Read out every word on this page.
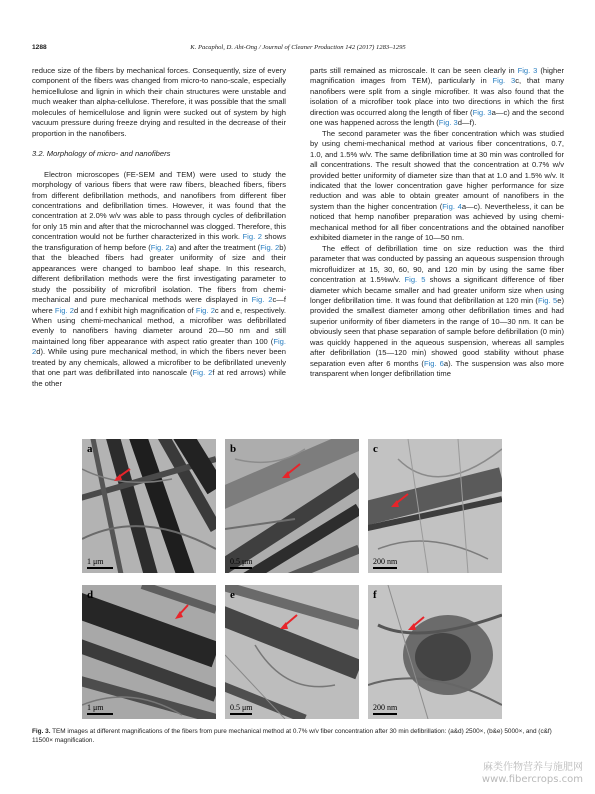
1288	K. Pacaphol, D. Aht-Ong / Journal of Cleaner Production 142 (2017) 1283–1295

reduce size of the fibers by mechanical forces. Consequently, size of every component of the fibers was changed from micro-to nano-scale, especially hemicellulose and lignin in which their chain structures were unstable and much weaker than alpha-cellulose. Therefore, it was possible that the small molecules of hemicellulose and lignin were sucked out of system by high vacuum pressure during freeze drying and resulted in the decrease of their proportion in the nanofibers.

3.2. Morphology of micro- and nanofibers

Electron microscopes (FE-SEM and TEM) were used to study the morphology of various fibers that were raw fibers, bleached fibers, fibers from different defibrillation methods, and nanofibers from different fiber concentrations and defibrillation times. However, it was found that the concentration at 2.0% w/v was able to pass through cycles of defibrillation for only 15 min and after that the microchannel was clogged. Therefore, this concentration would not be further characterized in this work. Fig. 2 shows the transfiguration of hemp before (Fig. 2a) and after the treatment (Fig. 2b) that the bleached fibers had greater uniformity of size and their appearances were changed to bamboo leaf shape. In this research, different defibrillation methods were the first investigating parameter to study the possibility of microfibril isolation. The fibers from chemi-mechanical and pure mechanical methods were displayed in Fig. 2c—f where Fig. 2d and f exhibit high magnification of Fig. 2c and e, respectively. When using chemi-mechanical method, a microfiber was defibrillated evenly to nanofibers having diameter around 20—50 nm and still maintained long fiber appearance with aspect ratio greater than 100 (Fig. 2d). While using pure mechanical method, in which the fibers never been treated by any chemicals, allowed a microfiber to be defibrillated unevenly that one part was defibrillated into nanoscale (Fig. 2f at red arrows) while the other

parts still remained as microscale. It can be seen clearly in Fig. 3 (higher magnification images from TEM), particularly in Fig. 3c, that many nanofibers were split from a single microfiber. It was also found that the isolation of a microfiber took place into two directions in which the first direction was occurred along the length of fiber (Fig. 3a—c) and the second one was happened across the length (Fig. 3d—f).

The second parameter was the fiber concentration which was studied by using chemi-mechanical method at various fiber concentrations, 0.7, 1.0, and 1.5% w/v. The same defibrillation time at 30 min was controlled for all concentrations. The result showed that the concentration at 0.7% w/v provided better uniformity of diameter size than that at 1.0 and 1.5% w/v. It indicated that the lower concentration gave higher performance for size reduction and was able to obtain greater amount of nanofibers in the system than the higher concentration (Fig. 4a—c). Nevertheless, it can be noticed that hemp nanofiber preparation was achieved by using chemi-mechanical method for all fiber concentrations and the obtained nanofiber exhibited diameter in the range of 10—50 nm.

The effect of defibrillation time on size reduction was the third parameter that was conducted by passing an aqueous suspension through microfluidizer at 15, 30, 60, 90, and 120 min by using the same fiber concentration at 1.5%w/v. Fig. 5 shows a significant difference of fiber diameter which became smaller and had greater uniform size when using longer defibrillation time. It was found that defibrillation at 120 min (Fig. 5e) provided the smallest diameter among other defibrillation times and had superior uniformity of fiber diameters in the range of 10—30 nm. It can be obviously seen that phase separation of sample before defibrillation (0 min) was quickly happened in the aqueous suspension, whereas all samples after defibrillation (15—120 min) showed good stability without phase separation even after 6 months (Fig. 6a). The suspension was also more transparent when longer defibrillation time

a
1 μm
b
0.5 μm
c
200 nm
d
1 μm
e
0.5 μm
f
200 nm
Fig. 3. TEM images at different magnifications of the fibers from pure mechanical method at 0.7% w/v fiber concentration after 30 min defibrillation: (a&d) 2500×, (b&e) 5000×, and (c&f) 11500× magnification.
麻类作物营养与施肥网
www.fibercrops.com
